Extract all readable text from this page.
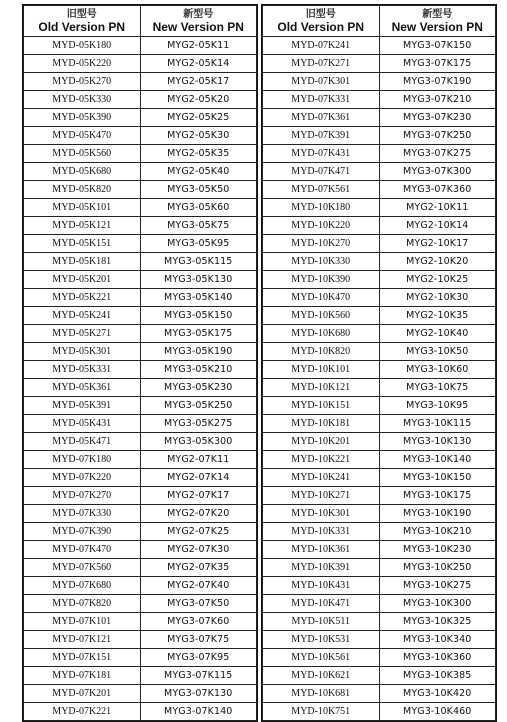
旧型号
Old Version PN	新型号
New Version PN

MYD-05K180	MYG2-05K11
MYD-05K220	MYG2-05K14
MYD-05K270	MYG2-05K17
MYD-05K330	MYG2-05K20
MYD-05K390	MYG2-05K25
MYD-05K470	MYG2-05K30
MYD-05K560	MYG2-05K35
MYD-05K680	MYG2-05K40
MYD-05K820	MYG3-05K50
MYD-05K101	MYG3-05K60
MYD-05K121	MYG3-05K75
MYD-05K151	MYG3-05K95
MYD-05K181	MYG3-05K115
MYD-05K201	MYG3-05K130
MYD-05K221	MYG3-05K140
MYD-05K241	MYG3-05K150
MYD-05K271	MYG3-05K175
MYD-05K301	MYG3-05K190
MYD-05K331	MYG3-05K210
MYD-05K361	MYG3-05K230
MYD-05K391	MYG3-05K250
MYD-05K431	MYG3-05K275
MYD-05K471	MYG3-05K300
MYD-07K180	MYG2-07K11
MYD-07K220	MYG2-07K14
MYD-07K270	MYG2-07K17
MYD-07K330	MYG2-07K20
MYD-07K390	MYG2-07K25
MYD-07K470	MYG2-07K30
MYD-07K560	MYG2-07K35
MYD-07K680	MYG2-07K40
MYD-07K820	MYG3-07K50
MYD-07K101	MYG3-07K60
MYD-07K121	MYG3-07K75
MYD-07K151	MYG3-07K95
MYD-07K181	MYG3-07K115
MYD-07K201	MYG3-07K130
MYD-07K221	MYG3-07K140
旧型号
Old Version PN	新型号
New Version PN

MYD-07K241	MYG3-07K150
MYD-07K271	MYG3-07K175
MYD-07K301	MYG3-07K190
MYD-07K331	MYG3-07K210
MYD-07K361	MYG3-07K230
MYD-07K391	MYG3-07K250
MYD-07K431	MYG3-07K275
MYD-07K471	MYG3-07K300
MYD-07K561	MYG3-07K360
MYD-10K180	MYG2-10K11
MYD-10K220	MYG2-10K14
MYD-10K270	MYG2-10K17
MYD-10K330	MYG2-10K20
MYD-10K390	MYG2-10K25
MYD-10K470	MYG2-10K30
MYD-10K560	MYG2-10K35
MYD-10K680	MYG2-10K40
MYD-10K820	MYG3-10K50
MYD-10K101	MYG3-10K60
MYD-10K121	MYG3-10K75
MYD-10K151	MYG3-10K95
MYD-10K181	MYG3-10K115
MYD-10K201	MYG3-10K130
MYD-10K221	MYG3-10K140
MYD-10K241	MYG3-10K150
MYD-10K271	MYG3-10K175
MYD-10K301	MYG3-10K190
MYD-10K331	MYG3-10K210
MYD-10K361	MYG3-10K230
MYD-10K391	MYG3-10K250
MYD-10K431	MYG3-10K275
MYD-10K471	MYG3-10K300
MYD-10K511	MYG3-10K325
MYD-10K531	MYG3-10K340
MYD-10K561	MYG3-10K360
MYD-10K621	MYG3-10K385
MYD-10K681	MYG3-10K420
MYD-10K751	MYG3-10K460
